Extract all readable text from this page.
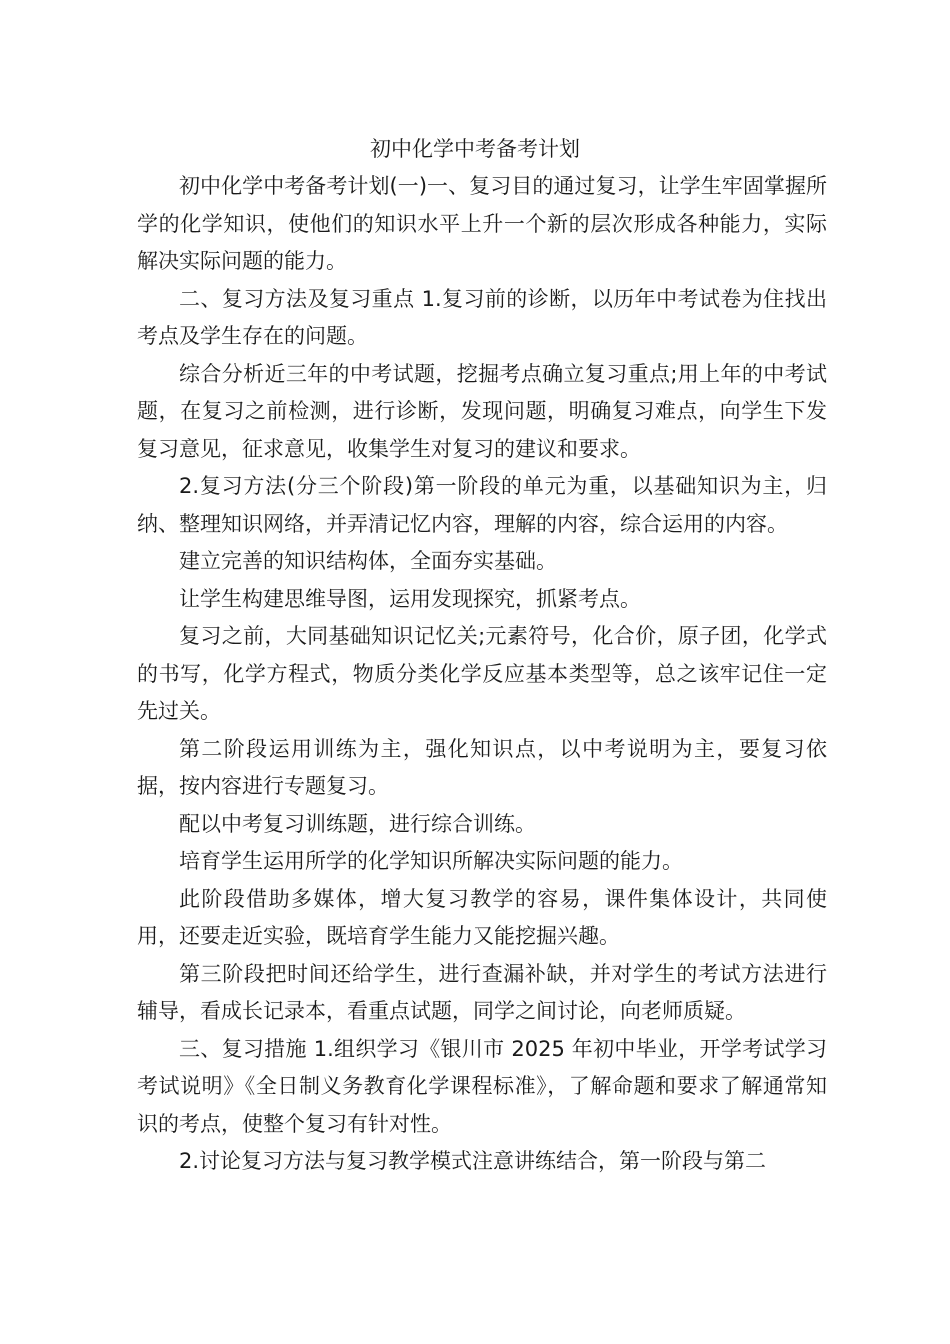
初中化学中考备考计划

初中化学中考备考计划(一)一、复习目的通过复习，让学生牢固掌握所学的化学知识，使他们的知识水平上升一个新的层次形成各种能力，实际解决实际问题的能力。

二、复习方法及复习重点 1.复习前的诊断，以历年中考试卷为住找出考点及学生存在的问题。

综合分析近三年的中考试题，挖掘考点确立复习重点;用上年的中考试题，在复习之前检测，进行诊断，发现问题，明确复习难点，向学生下发复习意见，征求意见，收集学生对复习的建议和要求。

2.复习方法(分三个阶段)第一阶段的单元为重，以基础知识为主，归纳、整理知识网络，并弄清记忆内容，理解的内容，综合运用的内容。

建立完善的知识结构体，全面夯实基础。

让学生构建思维导图，运用发现探究，抓紧考点。

复习之前，大同基础知识记忆关;元素符号，化合价，原子团，化学式的书写，化学方程式，物质分类化学反应基本类型等，总之该牢记住一定先过关。

第二阶段运用训练为主，强化知识点，以中考说明为主，要复习依据，按内容进行专题复习。

配以中考复习训练题，进行综合训练。

培育学生运用所学的化学知识所解决实际问题的能力。

此阶段借助多媒体，增大复习教学的容易，课件集体设计，共同使用，还要走近实验，既培育学生能力又能挖掘兴趣。

第三阶段把时间还给学生，进行查漏补缺，并对学生的考试方法进行辅导，看成长记录本，看重点试题，同学之间讨论，向老师质疑。

三、复习措施 1.组织学习《银川市 2025 年初中毕业，开学考试学习考试说明》《全日制义务教育化学课程标准》，了解命题和要求了解通常知识的考点，使整个复习有针对性。

2.讨论复习方法与复习教学模式注意讲练结合，第一阶段与第二
